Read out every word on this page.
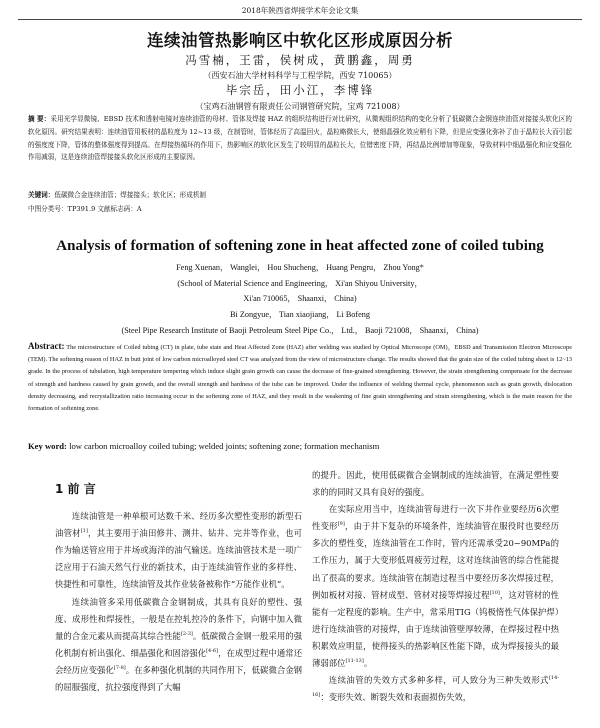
2018年陕西省焊接学术年会论文集
连续油管热影响区中软化区形成原因分析
冯雪楠，王雷，侯树成，黄鹏鑫，周勇
（西安石油大学材料科学与工程学院，西安 710065）
毕宗岳，田小江，李博锋
（宝鸡石油钢管有限责任公司钢管研究院，宝鸡 721008）
摘 要：采用光学显微镜、EBSD 技术和透射电镜对连续油管的母材、管体及焊接 HAZ 的组织结构进行对比研究，从微观组织结构的变化分析了低碳微合金钢连续油管对接接头软化区的软化原因。研究结果表明：连续油管用板材的晶粒度为 12~13 级，在制管时，管体经历了高温回火，晶粒略微长大，使细晶强化效应稍有下降，但是应变强化弥补了由于晶粒长大而引起的强度度下降，管体的整体强度得到提高。在焊接热循环的作用下，热影响区的软化区发生了较明显的晶粒长大，位错密度下降，再结晶比例增加等现象，导致材料中细晶强化和应变强化作用减弱，这是连续油管焊接接头软化区形成的主要原因。
关键词：低碳微合金连续油管；焊接接头；软化区；形成机制
中图分类号：TP391.9 文献标志码：A
Analysis of formation of softening zone in heat affected zone of coiled tubing
Feng Xuenan， Wanglei， Hou Shucheng， Huang Pengru， Zhou Yong*
(School of Material Science and Engineering， Xi'an Shiyou University，
Xi'an 710065， Shaanxi， China)
Bi Zongyue， Tian xiaojiang， Li Bofeng
(Steel Pipe Research Institute of Baoji Petroleum Steel Pipe Co.， Ltd.， Baoji 721008， Shaanxi， China)
Abstract: The microstructure of Coiled tubing (CT) in plate, tube state and Heat Affected Zone (HAZ) after welding was studied by Optical Microscope (OM)，EBSD and Transmission Electron Microscope (TEM). The softening reason of HAZ in butt joint of low carbon microalloyed steel CT was analyzed from the view of microstructure change. The results showed that the grain size of the coiled tubing sheet is 12~13 grade. In the process of tubulation, high temperature tempering which induce slight grain growth can cause the decrease of fine-grained strengthening. However, the strain strengthening compensate for the decrease of strength and hardness caused by grain growth, and the overall strength and hardness of the tube can be improved. Under the influence of welding thermal cycle, phenomenon such as grain growth, dislocation density decreasing, and recrystallization ratio increasing occur in the softening zone of HAZ, and they result in the weakening of fine grain strengthening and strain strengthening, which is the main reason for the formation of softening zone.
Key word: low carbon microalloy coiled tubing; welded joints; softening zone; formation mechanism
1 前 言

连续油管是一种单根可达数千米、经历多次塑性变形的新型石油管材[1]，其主要用于油田修井、测井、钻井、完井等作业，也可作为输送管应用于井场或海洋的油气输送。连续油管技术是一项广泛应用于石油天然气行业的新技术，由于连续油管作业的多样性、快捷性和可靠性，连续油管及其作业装备被称作“万能作业机”。

连续油管多采用低碳微合金钢制成，其具有良好的塑性、强度、成形性和焊接性，一般是在控轧控冷的条件下，向钢中加入微量的合金元素从而提高其综合性能[2-3]。低碳微合金钢一般采用的强化机制有析出强化、细晶强化和固溶强化[4-6]，在成型过程中通常还会经历应变强化[7-8]。在多种强化机制的共同作用下，低碳微合金钢的屈服强度，抗拉强度得到了大幅

的提升。因此，使用低碳微合金钢制成的连续油管，在满足塑性要求的的同时又具有良好的强度。

在实际应用当中，连续油管每进行一次下井作业要经历6次塑性变形[9]，由于井下复杂的环境条件，连续油管在服役时也要经历多次的塑性变，连续油管在工作时，管内还需承受20~90MPa的工作压力，属于大变形低周疲劳过程，这对连续油管的综合性能提出了很高的要求。连续油管在制造过程当中要经历多次焊接过程，例如板材对接、管材成型、管材对接等焊接过程[10]，这对管材的性能有一定程度的影响。生产中，常采用TIG（钨极惰性气体保护焊）进行连续油管的对接焊，由于连续油管壁厚较薄，在焊接过程中热积累效应明显，使得接头的热影响区性能下降，成为焊接接头的最薄弱部位[11-13]。

连续油管的失效方式多种多样，可人致分为三种失效形式[14-16]：变形失效、断裂失效和表面损伤失效，
